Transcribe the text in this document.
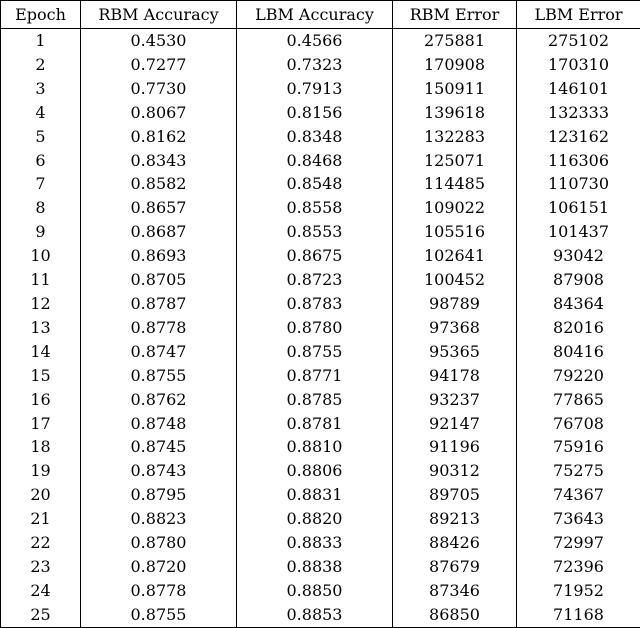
Epoch	RBM Accuracy	LBM Accuracy	RBM Error	LBM Error
1	0.4530	0.4566	275881	275102
2	0.7277	0.7323	170908	170310
3	0.7730	0.7913	150911	146101
4	0.8067	0.8156	139618	132333
5	0.8162	0.8348	132283	123162
6	0.8343	0.8468	125071	116306
7	0.8582	0.8548	114485	110730
8	0.8657	0.8558	109022	106151
9	0.8687	0.8553	105516	101437
10	0.8693	0.8675	102641	93042
11	0.8705	0.8723	100452	87908
12	0.8787	0.8783	98789	84364
13	0.8778	0.8780	97368	82016
14	0.8747	0.8755	95365	80416
15	0.8755	0.8771	94178	79220
16	0.8762	0.8785	93237	77865
17	0.8748	0.8781	92147	76708
18	0.8745	0.8810	91196	75916
19	0.8743	0.8806	90312	75275
20	0.8795	0.8831	89705	74367
21	0.8823	0.8820	89213	73643
22	0.8780	0.8833	88426	72997
23	0.8720	0.8838	87679	72396
24	0.8778	0.8850	87346	71952
25	0.8755	0.8853	86850	71168
